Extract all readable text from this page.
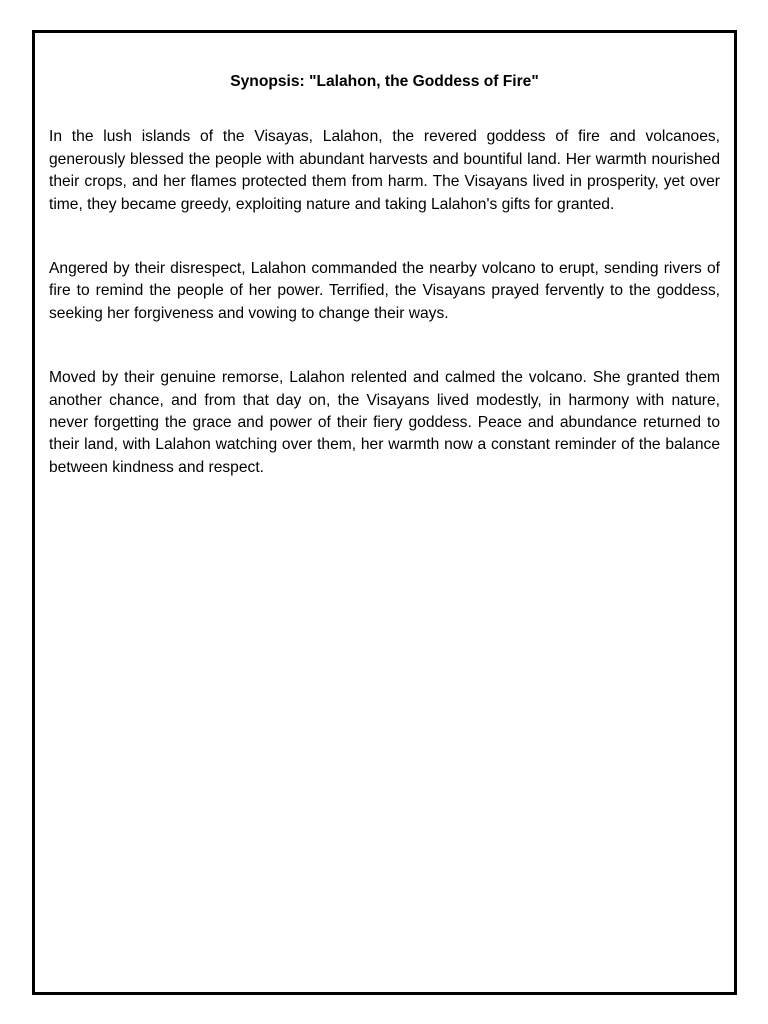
Synopsis: "Lalahon, the Goddess of Fire"

In the lush islands of the Visayas, Lalahon, the revered goddess of fire and volcanoes, generously blessed the people with abundant harvests and bountiful land. Her warmth nourished their crops, and her flames protected them from harm. The Visayans lived in prosperity, yet over time, they became greedy, exploiting nature and taking Lalahon's gifts for granted.

Angered by their disrespect, Lalahon commanded the nearby volcano to erupt, sending rivers of fire to remind the people of her power. Terrified, the Visayans prayed fervently to the goddess, seeking her forgiveness and vowing to change their ways.

Moved by their genuine remorse, Lalahon relented and calmed the volcano. She granted them another chance, and from that day on, the Visayans lived modestly, in harmony with nature, never forgetting the grace and power of their fiery goddess. Peace and abundance returned to their land, with Lalahon watching over them, her warmth now a constant reminder of the balance between kindness and respect.
